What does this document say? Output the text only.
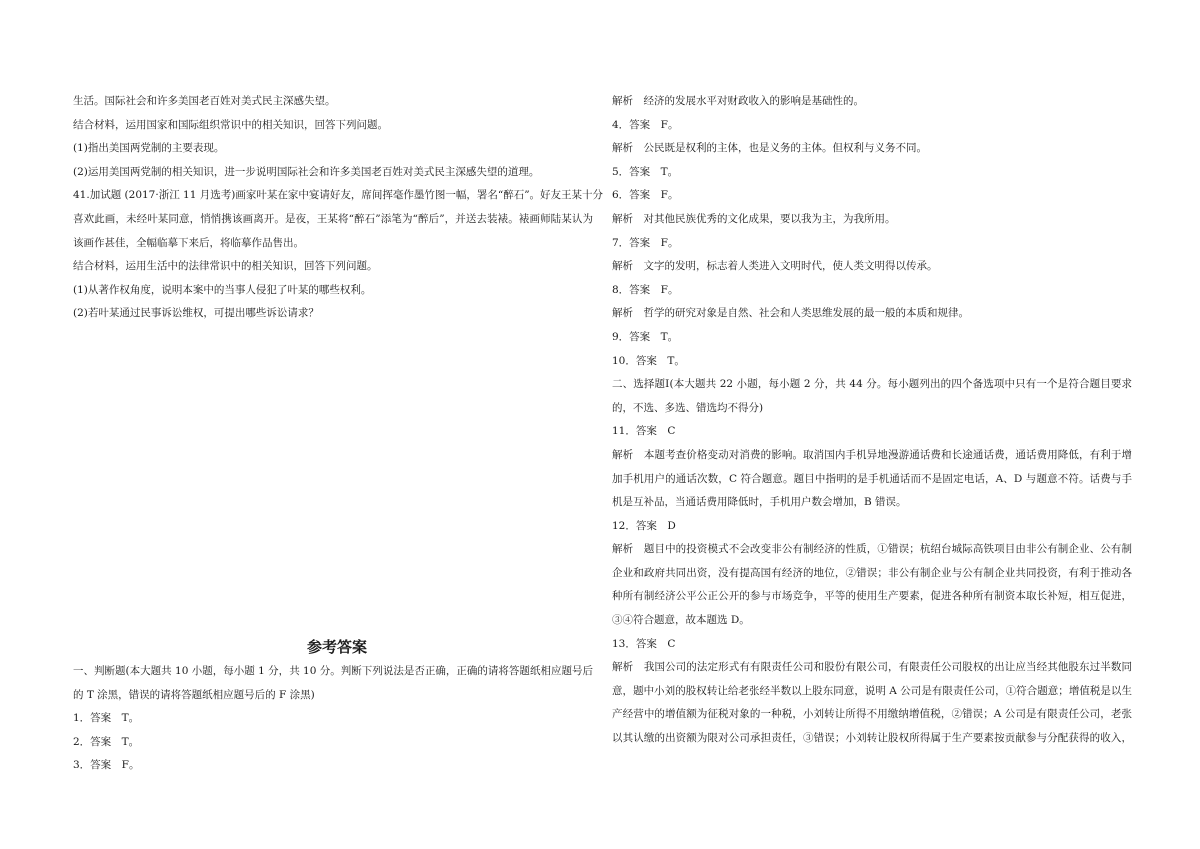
生活。国际社会和许多美国老百姓对美式民主深感失望。
结合材料，运用国家和国际组织常识中的相关知识，回答下列问题。
(1)指出美国两党制的主要表现。
(2)运用美国两党制的相关知识，进一步说明国际社会和许多美国老百姓对美式民主深感失望的道理。
41.加试题 (2017·浙江 11 月选考)画家叶某在家中宴请好友，席间挥毫作墨竹图一幅，署名“醉石”。好友王某十分
喜欢此画，未经叶某同意，悄悄携该画离开。是夜，王某将“醉石”添笔为“醉后”，并送去装裱。裱画师陆某认为
该画作甚佳，全幅临摹下来后，将临摹作品售出。
结合材料，运用生活中的法律常识中的相关知识，回答下列问题。
(1)从著作权角度，说明本案中的当事人侵犯了叶某的哪些权利。
(2)若叶某通过民事诉讼维权，可提出哪些诉讼请求？
参考答案
一、判断题(本大题共 10 小题，每小题 1 分，共 10 分。判断下列说法是否正确，正确的请将答题纸相应题号后
的 T 涂黑，错误的请将答题纸相应题号后的 F 涂黑)
1．答案　T。
2．答案　T。
3．答案　F。
解析　经济的发展水平对财政收入的影响是基础性的。
4．答案　F。
解析　公民既是权利的主体，也是义务的主体。但权利与义务不同。
5．答案　T。
6．答案　F。
解析　对其他民族优秀的文化成果，要以我为主，为我所用。
7．答案　F。
解析　文字的发明，标志着人类进入文明时代，使人类文明得以传承。
8．答案　F。
解析　哲学的研究对象是自然、社会和人类思维发展的最一般的本质和规律。
9．答案　T。
10．答案　T。
二、选择题Ⅰ(本大题共 22 小题，每小题 2 分，共 44 分。每小题列出的四个备选项中只有一个是符合题目要求
的，不选、多选、错选均不得分)
11．答案　C
解析　本题考查价格变动对消费的影响。取消国内手机异地漫游通话费和长途通话费，通话费用降低，有利于增
加手机用户的通话次数，C 符合题意。题目中指明的是手机通话而不是固定电话，A、D 与题意不符。话费与手
机是互补品，当通话费用降低时，手机用户数会增加，B 错误。
12．答案　D
解析　题目中的投资模式不会改变非公有制经济的性质，①错误；杭绍台城际高铁项目由非公有制企业、公有制
企业和政府共同出资，没有提高国有经济的地位，②错误；非公有制企业与公有制企业共同投资，有利于推动各
种所有制经济公平公正公开的参与市场竞争，平等的使用生产要素，促进各种所有制资本取长补短，相互促进，
③④符合题意，故本题选 D。
13．答案　C
解析　我国公司的法定形式有有限责任公司和股份有限公司，有限责任公司股权的出让应当经其他股东过半数同
意，题中小刘的股权转让给老张经半数以上股东同意，说明 A 公司是有限责任公司，①符合题意；增值税是以生
产经营中的增值额为征税对象的一种税，小刘转让所得不用缴纳增值税，②错误；A 公司是有限责任公司，老张
以其认缴的出资额为限对公司承担责任，③错误；小刘转让股权所得属于生产要素按贡献参与分配获得的收入，
